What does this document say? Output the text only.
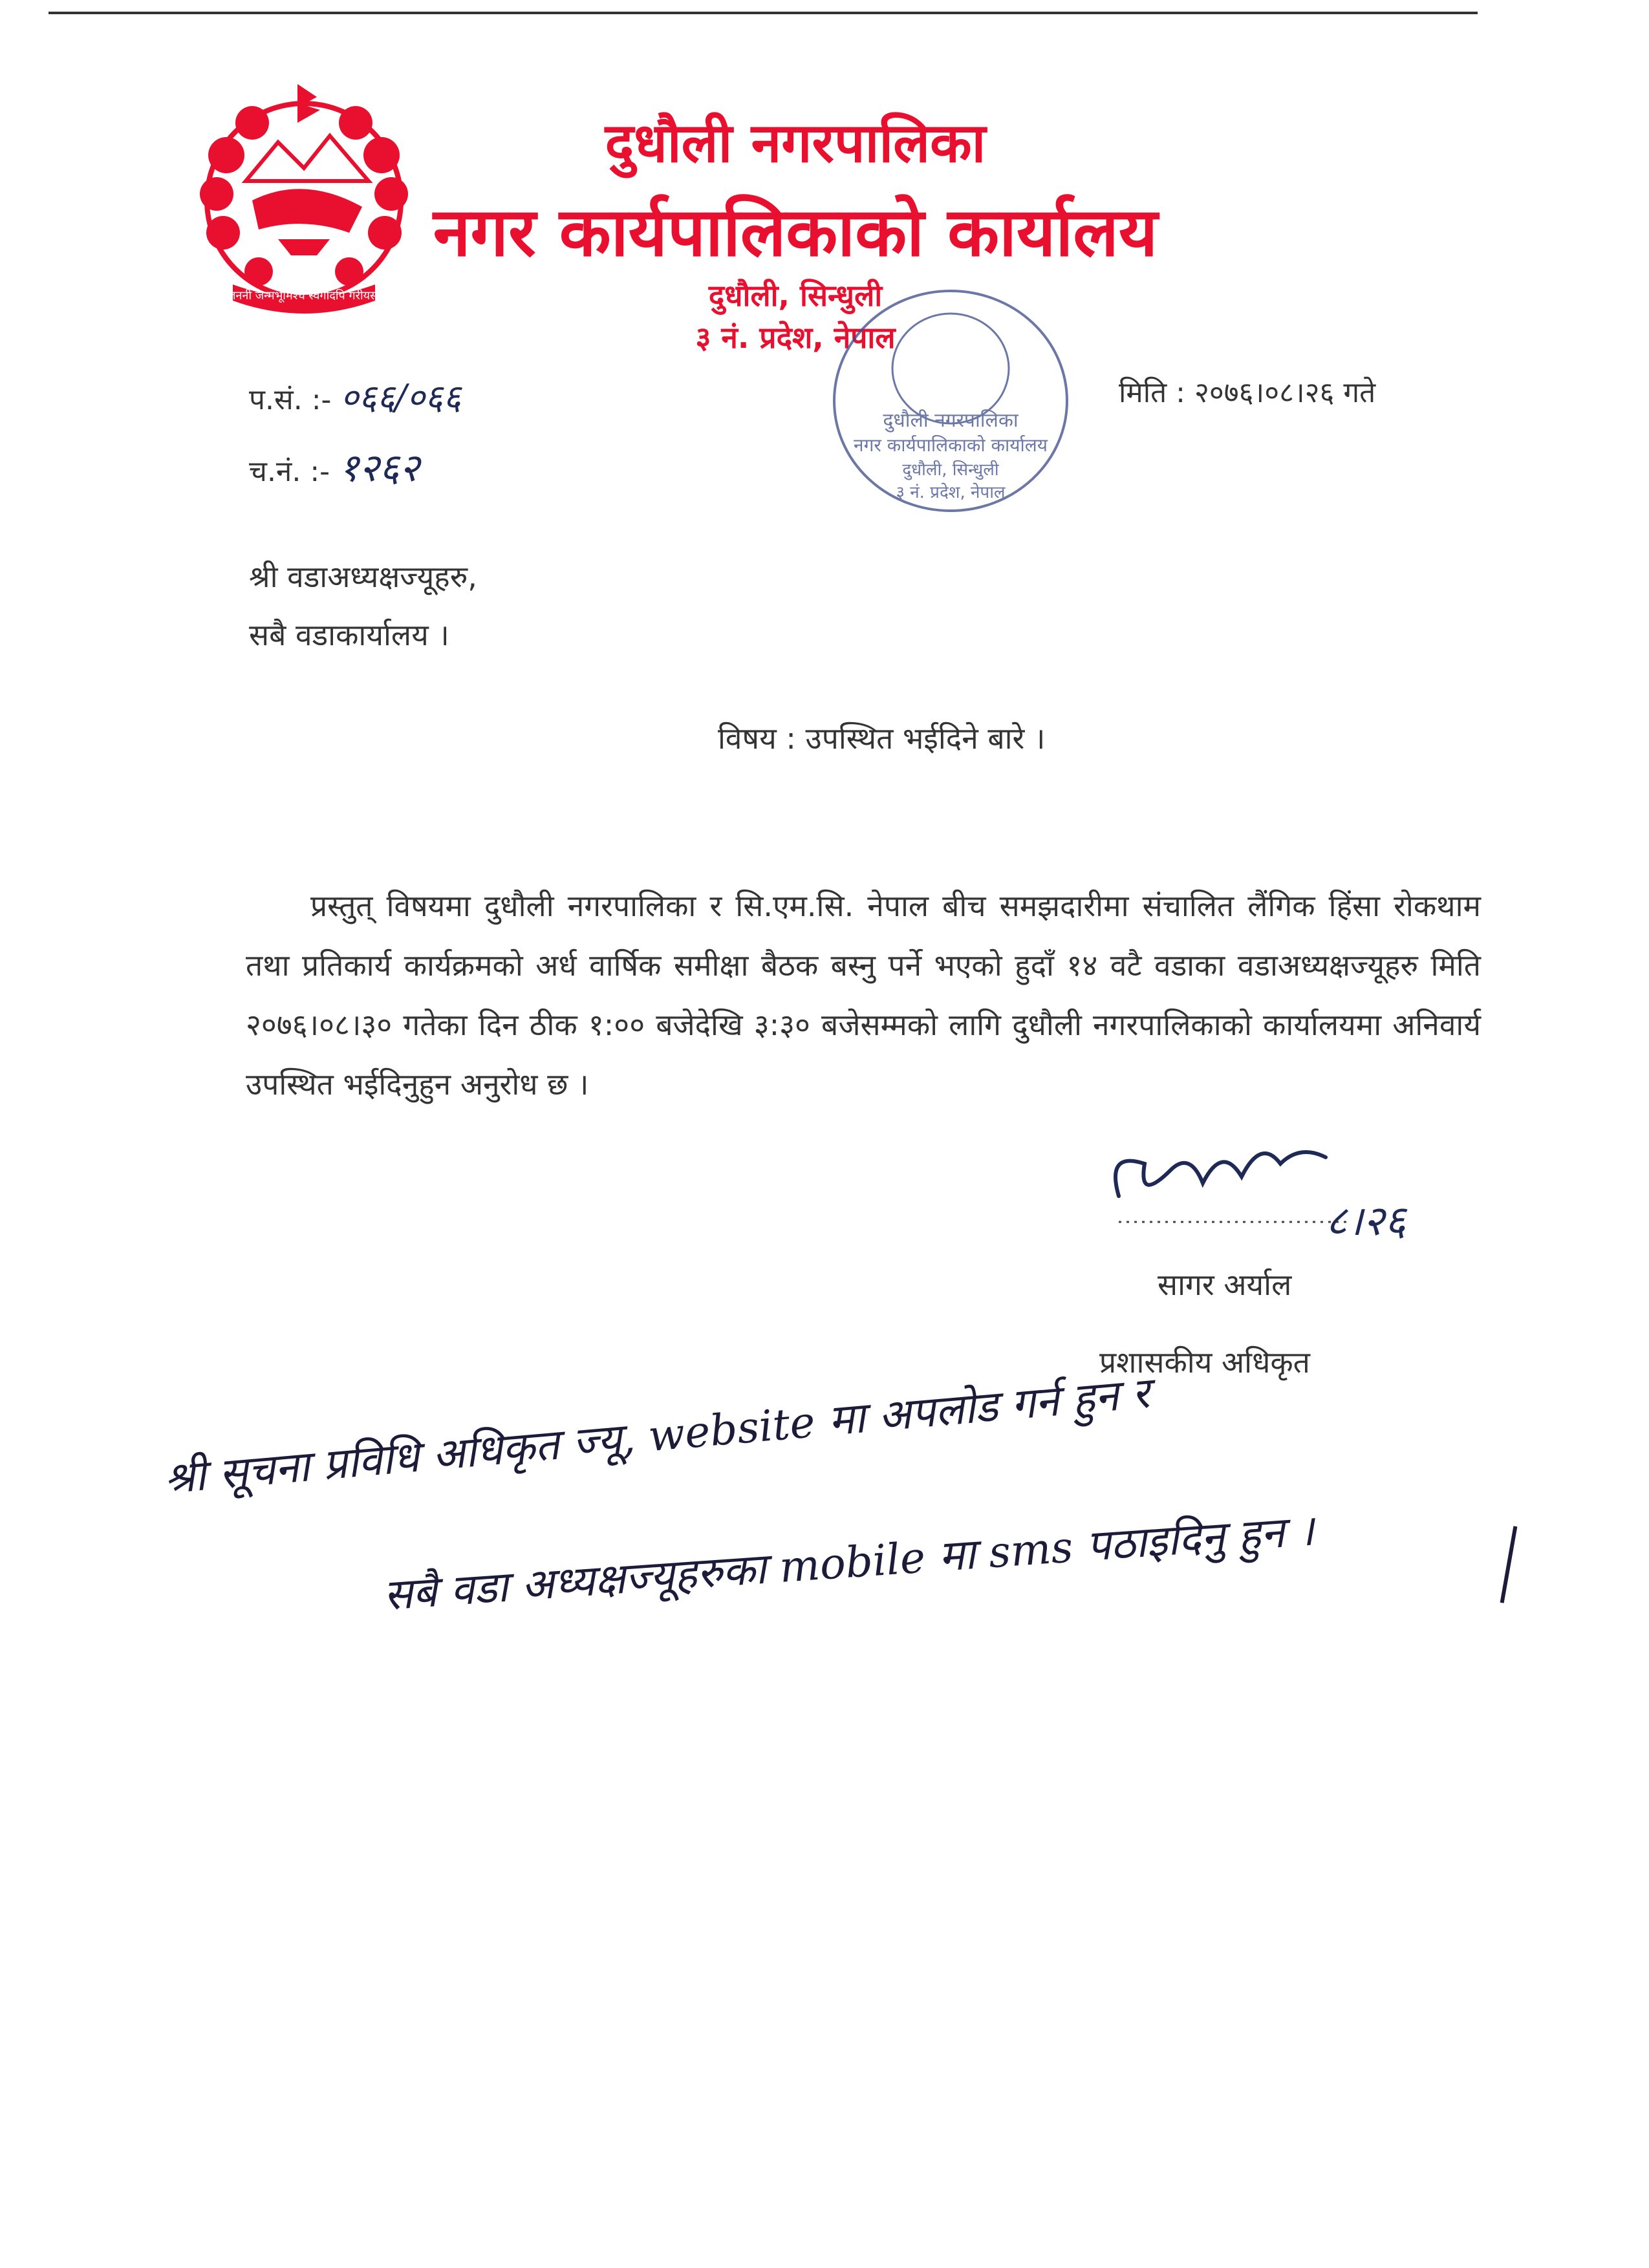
जननी जन्मभूमिश्च स्वर्गादपि गरीयसी
दुधौली नगरपालिका
नगर कार्यपालिकाको कार्यालय
दुधौली, सिन्धुली
३ नं. प्रदेश, नेपाल
दुधौली नगरपालिका
नगर कार्यपालिकाको कार्यालय
दुधौली, सिन्धुली
३ नं. प्रदेश, नेपाल
प.सं. :- ०६६/०६६
च.नं. :- १२६२
मिति : २०७६।०८।२६ गते
श्री वडाअध्यक्षज्यूहरु,
सबै वडाकार्यालय ।
विषय : उपस्थित भईदिने बारे ।
प्रस्तुत् विषयमा दुधौली नगरपालिका र सि.एम.सि. नेपाल बीच समझदारीमा संचालित लैंगिक हिंसा रोकथाम तथा प्रतिकार्य कार्यक्रमको अर्ध वार्षिक समीक्षा बैठक बस्नु पर्ने भएको हुदाँ १४ वटै वडाका वडाअध्यक्षज्यूहरु मिति २०७६।०८।३० गतेका दिन ठीक १:०० बजेदेखि ३:३० बजेसम्मको लागि दुधौली नगरपालिकाको कार्यालयमा अनिवार्य उपस्थित भईदिनुहुन अनुरोध छ ।
८।२६
सागर अर्याल
प्रशासकीय अधिकृत
श्री सूचना प्रविधि अधिकृत ज्यू, website मा अपलोड गर्न हुन र
सबै वडा अध्यक्षज्यूहरुका mobile मा sms पठाइदिनु हुन ।
